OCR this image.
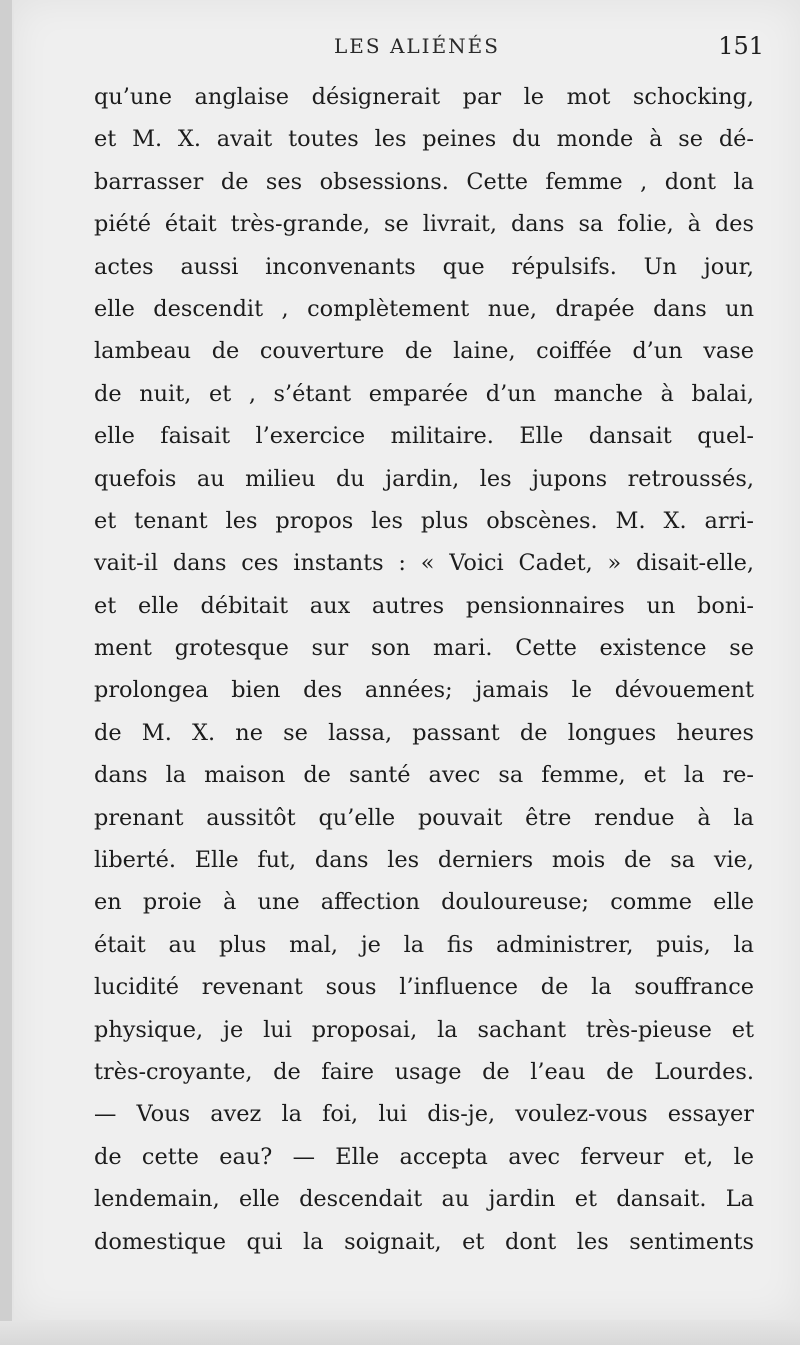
LES ALIÉNÉS	151
qu’une anglaise désignerait par le mot schocking,
et M. X. avait toutes les peines du monde à se dé-
barrasser de ses obsessions. Cette femme , dont la
piété était très-grande, se livrait, dans sa folie, à des
actes aussi inconvenants que répulsifs. Un jour,
elle descendit , complètement nue, drapée dans un
lambeau de couverture de laine, coiffée d’un vase
de nuit, et , s’étant emparée d’un manche à balai,
elle faisait l’exercice militaire. Elle dansait quel-
quefois au milieu du jardin, les jupons retroussés,
et tenant les propos les plus obscènes. M. X. arri-
vait-il dans ces instants : « Voici Cadet, » disait-elle,
et elle débitait aux autres pensionnaires un boni-
ment grotesque sur son mari. Cette existence se
prolongea bien des années; jamais le dévouement
de M. X. ne se lassa, passant de longues heures
dans la maison de santé avec sa femme, et la re-
prenant aussitôt qu’elle pouvait être rendue à la
liberté. Elle fut, dans les derniers mois de sa vie,
en proie à une affection douloureuse; comme elle
était au plus mal, je la fis administrer, puis, la
lucidité revenant sous l’influence de la souffrance
physique, je lui proposai, la sachant très-pieuse et
très-croyante, de faire usage de l’eau de Lourdes.
— Vous avez la foi, lui dis-je, voulez-vous essayer
de cette eau? — Elle accepta avec ferveur et, le
lendemain, elle descendait au jardin et dansait. La
domestique qui la soignait, et dont les sentiments
